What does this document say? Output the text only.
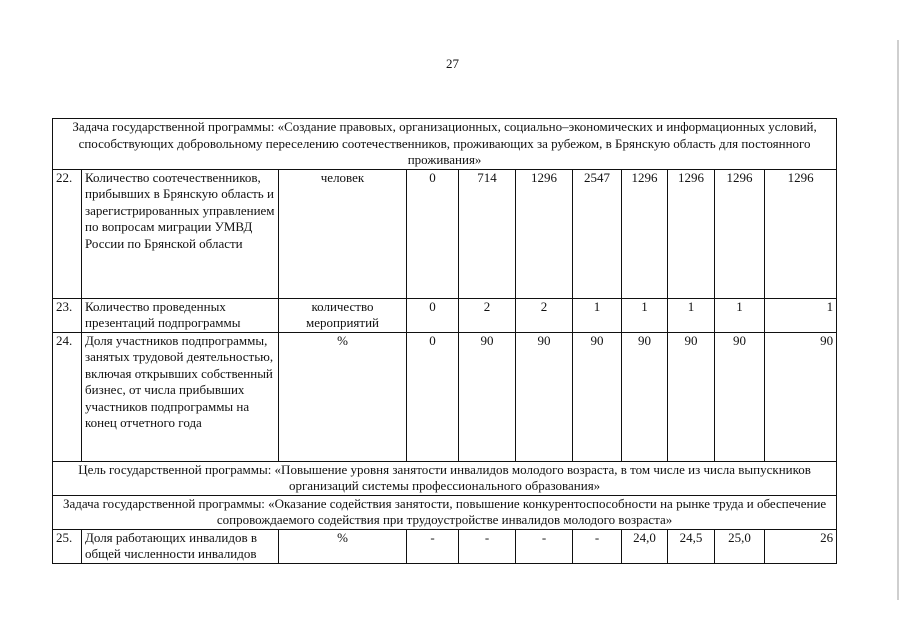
27
Задача государственной программы: «Создание правовых, организационных, социально–экономических и информационных условий, способствующих добровольному переселению соотечественников, проживающих за рубежом, в Брянскую область для постоянного проживания»										
22.	Количество соотечественников, прибывших в Брянскую область и зарегистрированных управлением по вопросам миграции УМВД России по Брянской области	человек	0	714	1296	2547	1296	1296	1296	1296
23.	Количество проведенных презентаций подпрограммы	количество мероприятий	0	2	2	1	1	1	1	1
24.	Доля участников подпрограммы, занятых трудовой деятельностью, включая открывших собственный бизнес, от числа прибывших участников подпрограммы на конец отчетного года	%	0	90	90	90	90	90	90	90
Цель государственной программы: «Повышение уровня занятости инвалидов молодого возраста, в том числе из числа выпускников организаций системы профессионального образования»										
Задача государственной программы: «Оказание содействия занятости, повышение конкурентоспособности на рынке труда и обеспечение сопровождаемого содействия при трудоустройстве инвалидов молодого возраста»										
25.	Доля работающих инвалидов в общей численности инвалидов	%	-	-	-	-	24,0	24,5	25,0	26
